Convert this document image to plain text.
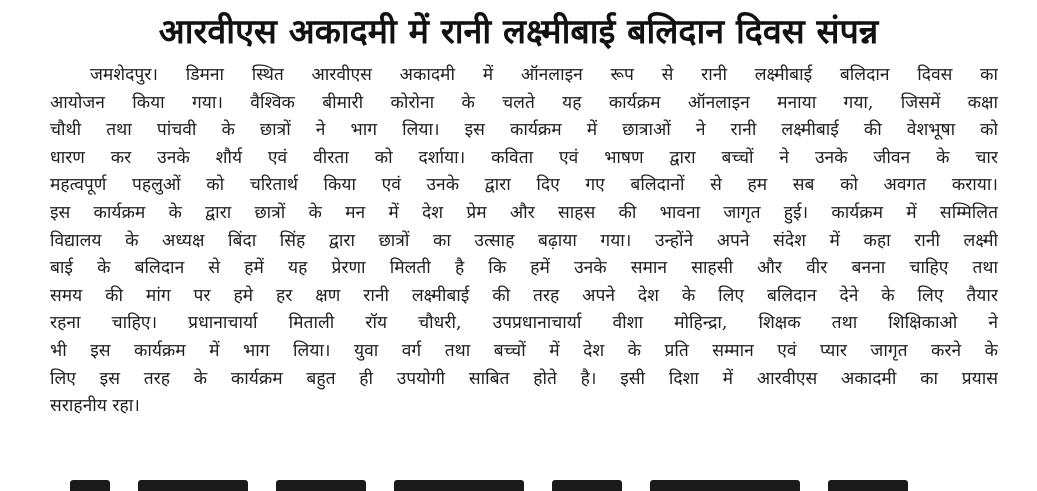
आरवीएस अकादमी में रानी लक्ष्मीबाई बलिदान दिवस संपन्न
जमशेदपुर। डिमना स्थित आरवीएस अकादमी में ऑनलाइन रूप से रानी लक्ष्मीबाई बलिदान दिवस का
आयोजन किया गया। वैश्विक बीमारी कोरोना के चलते यह कार्यक्रम ऑनलाइन मनाया गया, जिसमें कक्षा
चौथी तथा पांचवी के छात्रों ने भाग लिया। इस कार्यक्रम में छात्राओं ने रानी लक्ष्मीबाई की वेशभूषा को
धारण कर उनके शौर्य एवं वीरता को दर्शाया। कविता एवं भाषण द्वारा बच्चों ने उनके जीवन के चार
महत्वपूर्ण पहलुओं को चरितार्थ किया एवं उनके द्वारा दिए गए बलिदानों से हम सब को अवगत कराया।
इस कार्यक्रम के द्वारा छात्रों के मन में देश प्रेम और साहस की भावना जागृत हुई। कार्यक्रम में सम्मिलित
विद्यालय के अध्यक्ष बिंदा सिंह द्वारा छात्रों का उत्साह बढ़ाया गया। उन्होंने अपने संदेश में कहा रानी लक्ष्मी
बाई के बलिदान से हमें यह प्रेरणा मिलती है कि हमें उनके समान साहसी और वीर बनना चाहिए तथा
समय की मांग पर हमे हर क्षण रानी लक्ष्मीबाई की तरह अपने देश के लिए बलिदान देने के लिए तैयार
रहना चाहिए। प्रधानाचार्या मिताली रॉय चौधरी, उपप्रधानाचार्या वीशा मोहिन्द्रा, शिक्षक तथा शिक्षिकाओ ने
भी इस कार्यक्रम में भाग लिया। युवा वर्ग तथा बच्चों में देश के प्रति सम्मान एवं प्यार जागृत करने के
लिए इस तरह के कार्यक्रम बहुत ही उपयोगी साबित होते है। इसी दिशा में आरवीएस अकादमी का प्रयास
सराहनीय रहा।
